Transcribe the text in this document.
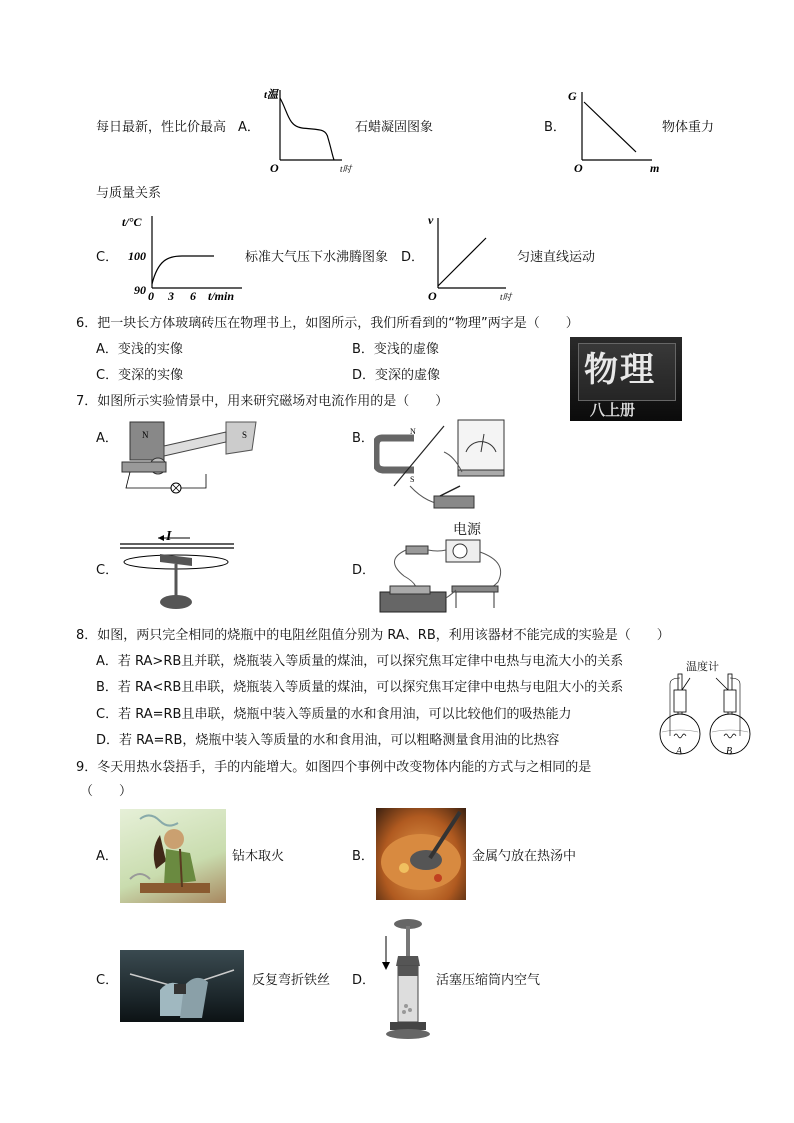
每日最新，性比价最高 A．
t温
O	t时
石蜡凝固图象	B．
G
O	m
物体重力
与质量关系
C．
t/°C
100
90 0 3 6 t/min
标准大气压下水沸腾图象 D．
v
O	t时
匀速直线运动
6．把一块长方体玻璃砖压在物理书上，如图所示，我们所看到的“物理”两字是（　　）
A．变浅的实像	B．变浅的虚像
C．变深的实像	D．变深的虚像	物理
八上册
7．如图所示实验情景中，用来研究磁场对电流作用的是（　　）
A．	N	S	B．	N
S
C．
I
D．
电源
8．如图，两只完全相同的烧瓶中的电阻丝阻值分别为 RA、RB，利用该器材不能完成的实验是（　　）
A．若 RA>RB且并联，烧瓶装入等质量的煤油，可以探究焦耳定律中电热与电流大小的关系
B．若 RA<RB且串联，烧瓶装入等质量的煤油，可以探究焦耳定律中电热与电阻大小的关系
C．若 RA=RB且串联，烧瓶中装入等质量的水和食用油，可以比较他们的吸热能力
D．若 RA=RB，烧瓶中装入等质量的水和食用油，可以粗略测量食用油的比热容
温度计
A	B
9．冬天用热水袋捂手，手的内能增大。如图四个事例中改变物体内能的方式与之相同的是
（　　）
A．	钻木取火	B．	金属勺放在热汤中
C．	反复弯折铁丝 D．	活塞压缩筒内空气
